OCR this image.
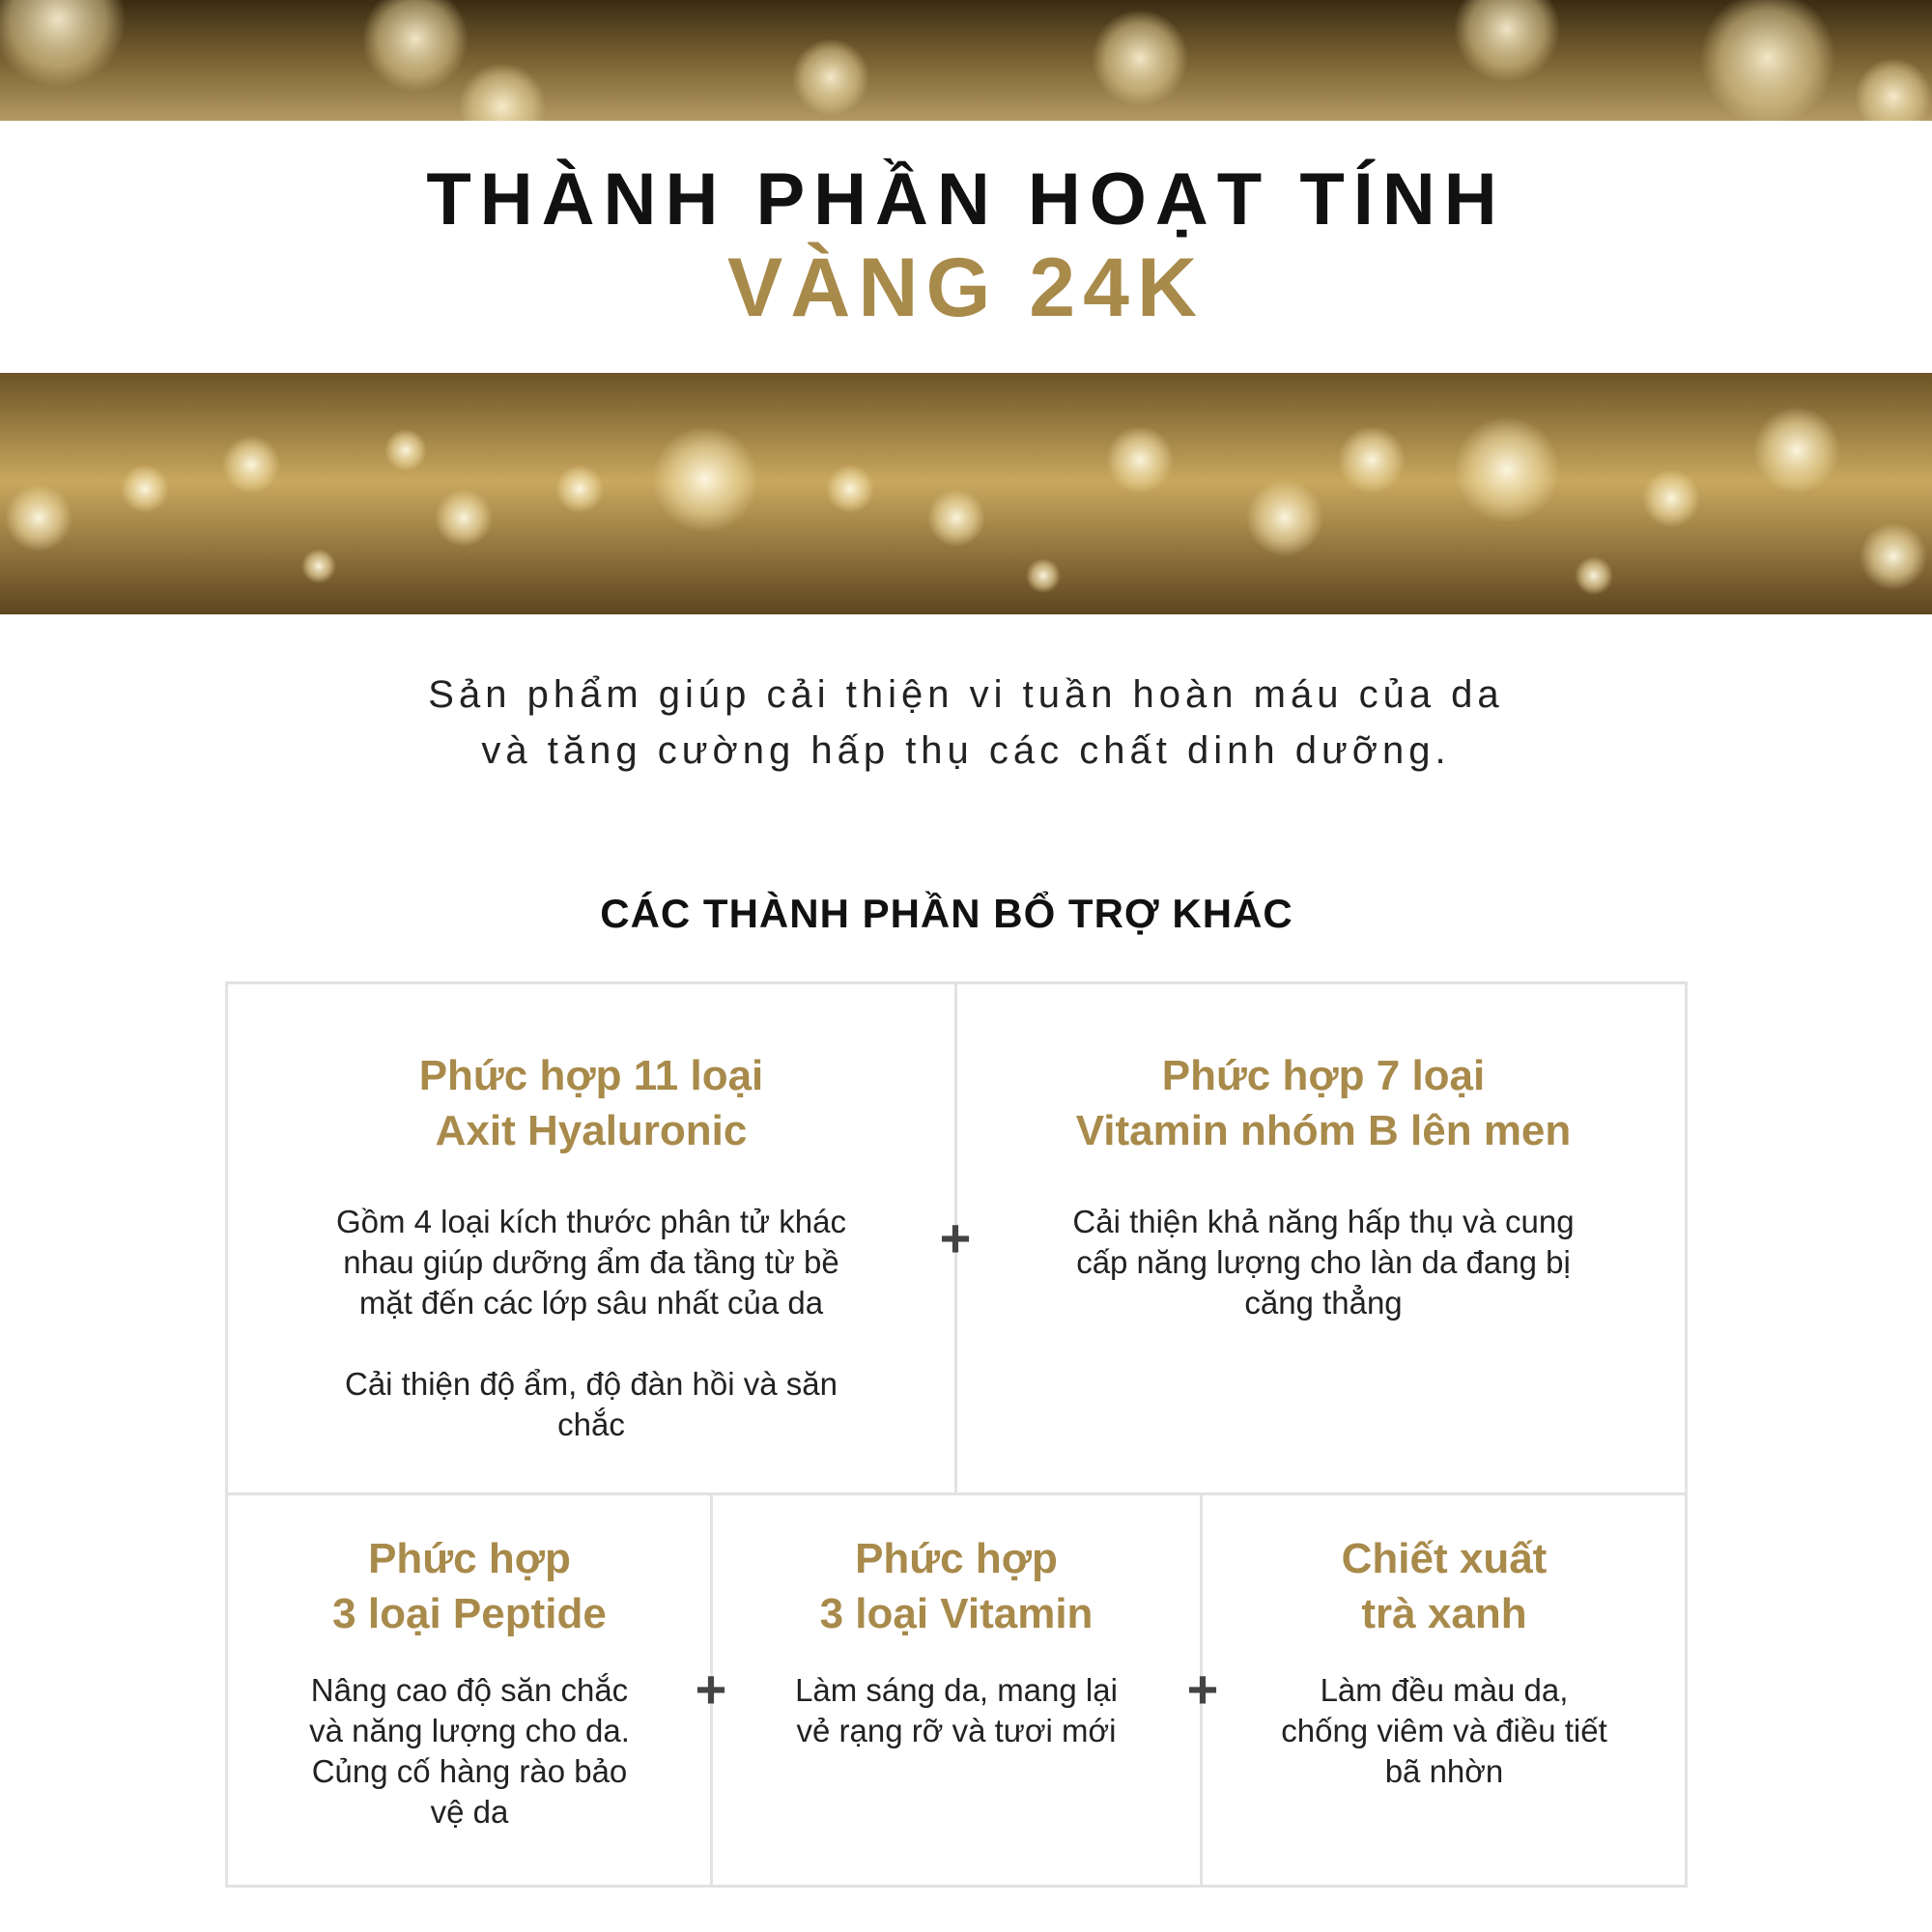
THÀNH PHẦN HOẠT TÍNH
VÀNG 24K
Sản phẩm giúp cải thiện vi tuần hoàn máu của da
và tăng cường hấp thụ các chất dinh dưỡng.
CÁC THÀNH PHẦN BỔ TRỢ KHÁC
Phức hợp 11 loại
Axit Hyaluronic
Gồm 4 loại kích thước phân tử khác
nhau giúp dưỡng ẩm đa tầng từ bề
mặt đến các lớp sâu nhất của da
Cải thiện độ ẩm, độ đàn hồi và săn
chắc
Phức hợp 7 loại
Vitamin nhóm B lên men
Cải thiện khả năng hấp thụ và cung
cấp năng lượng cho làn da đang bị
căng thẳng
Phức hợp
3 loại Peptide
Nâng cao độ săn chắc
và năng lượng cho da.
Củng cố hàng rào bảo
vệ da
Phức hợp
3 loại Vitamin
Làm sáng da, mang lại
vẻ rạng rỡ và tươi mới
Chiết xuất
trà xanh
Làm đều màu da,
chống viêm và điều tiết
bã nhờn
+
+	+
